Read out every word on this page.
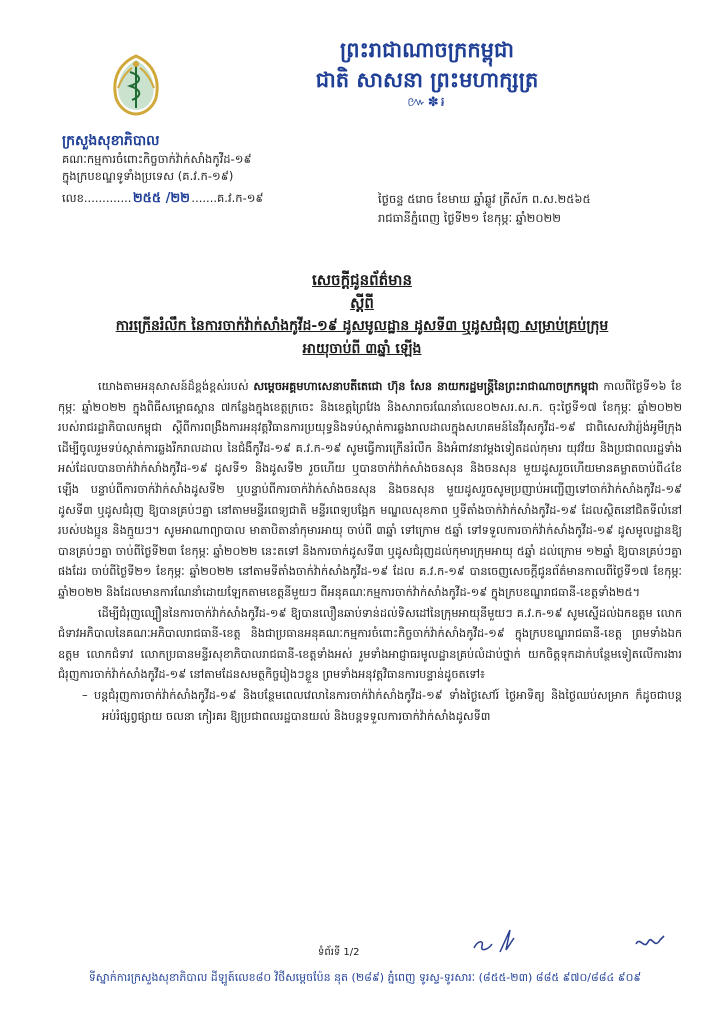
ព្រះរាជាណាចក្រកម្ពុជា
ជាតិ សាសនា ព្រះមហាក្សត្រ
៚✽៛
ក្រសួងសុខាភិបាល
គណៈកម្មការចំពោះកិច្ចចាក់វ៉ាក់សាំងកូវីដ-១៩
ក្នុងក្របខណ្ឌទូទាំងប្រទេស (គ.វ.ក-១៩)
លេខ.............២៥៥ /២២.......គ.វ.ក-១៩	ថ្ងៃចន្ទ ៥រោច ខែមាឃ ឆ្នាំឆ្លូវ ត្រីស័ក ព.ស.២៥៦៥
រាជធានីភ្នំពេញ ថ្ងៃទី២១ ខែកុម្ភៈ ឆ្នាំ២០២២
សេចក្ដីជូនព័ត៌មាន
ស្ដីពី
ការក្រើនរំលឹក នៃការចាក់វ៉ាក់សាំងកូវីដ-១៩ ដូសមូលដ្ឋាន ដូសទី៣ ឬដូសជំរុញ សម្រាប់គ្រប់ក្រុម
អាយុចាប់ពី ៣ឆ្នាំ ឡើង

យោងតាមអនុសាសន៍ដ៏ខ្ពង់ខ្ពស់របស់ សម្ដេចអគ្គមហាសេនាបតីតេជោ ហ៊ុន សែន នាយករដ្ឋមន្ត្រីនៃព្រះរាជាណាចក្រកម្ពុជា កាលពីថ្ងៃទី១៦ ខែកុម្ភៈ ឆ្នាំ២០២២ ក្នុងពិធីសម្ពោធស្ពាន ៧កន្លែងក្នុងខេត្តក្រចេះ និងខេត្តព្រៃវែង និងសារាចរណែនាំលេខ០២សរ.ស.ក. ចុះថ្ងៃទី១៧ ខែកុម្ភៈ ឆ្នាំ២០២២ របស់រាជរដ្ឋាភិបាលកម្ពុជា ស្ដីពីការពង្រឹងការអនុវត្តវិធានការប្រយុទ្ធនិងទប់ស្កាត់ការឆ្លងរាលដាលក្នុងសហគមន៍នៃវីរុសកូវីដ-១៩ ជាពិសេសវ៉ារ្យ៉ង់អូមីក្រុង ដើម្បីចូលរួមទប់ស្កាត់ការឆ្លងរីករាលដាល នៃជំងឺកូវីដ-១៩ គ.វ.ក-១៩ សូមធ្វើការក្រើនរំលឹក និងអំពាវនាវម្ដងទៀតដល់កុមារ យុវវ័យ និងប្រជាពលរដ្ឋទាំងអស់ដែលបានចាក់វ៉ាក់សាំងកូវីដ-១៩ ដូសទី១ និងដូសទី២ រួចហើយ ឬបានចាក់វ៉ាក់សាំងចនសុន និងចនសុន មួយដូសរួចហើយមានគម្លាតចាប់ពី៤ខែឡើង បន្ទាប់ពីការចាក់វ៉ាក់សាំងដូសទី២ ឬបន្ទាប់ពីការចាក់វ៉ាក់សាំងចនសុន និងចនសុន មួយដូសរួចសូមប្រញាប់អញ្ជើញទៅចាក់វ៉ាក់សាំងកូវីដ-១៩ ដូសទី៣ ឬដូសជំរុញ ឱ្យបានគ្រប់ៗគ្នា នៅតាមមន្ទីរពេទ្យជាតិ មន្ទីរពេទ្យបង្អែក មណ្ឌលសុខភាព ឬទីតាំងចាក់វ៉ាក់សាំងកូវីដ-១៩ ដែលស្ថិតនៅជិតទីលំនៅរបស់បងប្អូន និងក្មួយៗ។ សូមអាណាព្យាបាល មាតាបិតានាំកុមារអាយុ ចាប់ពី ៣ឆ្នាំ ទៅក្រោម ៥ឆ្នាំ ទៅទទួលការចាក់វ៉ាក់សាំងកូវីដ-១៩ ដូសមូលដ្ឋានឱ្យបានគ្រប់ៗគ្នា ចាប់ពីថ្ងៃទី២៣ ខែកុម្ភៈ ឆ្នាំ២០២២ នេះតទៅ និងការចាក់ដូសទី៣ ឬដូសជំរុញដល់កុមារក្រុមអាយុ ៥ឆ្នាំ ដល់ក្រោម ១២ឆ្នាំ ឱ្យបានគ្រប់ៗគ្នា ផងដែរ ចាប់ពីថ្ងៃទី២១ ខែកុម្ភៈ ឆ្នាំ២០២២ នៅតាមទីតាំងចាក់វ៉ាក់សាំងកូវីដ-១៩ ដែល គ.វ.ក-១៩ បានចេញសេចក្ដីជូនព័ត៌មានកាលពីថ្ងៃទី១៧ ខែកុម្ភៈ ឆ្នាំ២០២២ និងដែលមានការណែនាំដោយឡែកតាមខេត្តនីមួយៗ ពីអនុគណៈកម្មការចាក់វ៉ាក់សាំងកូវីដ-១៩ ក្នុងក្របខណ្ឌរាជធានី-ខេត្តទាំង២៥។

ដើម្បីជំរុញល្បឿននៃការចាក់វ៉ាក់សាំងកូវីដ-១៩ ឱ្យបានលឿនឆាប់ទាន់ដល់ទិសដៅនៃក្រុមអាយុនីមួយៗ គ.វ.ក-១៩ សូមស្នើដល់ឯកឧត្តម លោកជំទាវអភិបាលនៃគណៈអភិបាលរាជធានី-ខេត្ត និងជាប្រធានអនុគណៈកម្មការចំពោះកិច្ចចាក់វ៉ាក់សាំងកូវីដ-១៩ ក្នុងក្របខណ្ឌរាជធានី-ខេត្ត ព្រមទាំងឯកឧត្តម លោកជំទាវ លោកប្រធានមន្ទីរសុខាភិបាលរាជធានី-ខេត្តទាំងអស់ រួមទាំងអាជ្ញាធរមូលដ្ឋានគ្រប់លំដាប់ថ្នាក់ យកចិត្តទុកដាក់បន្ថែមទៀតលើការងារជំរុញការចាក់វ៉ាក់សាំងកូវីដ-១៩ នៅតាមដែនសមត្ថកិច្ចរៀងៗខ្លួន ព្រមទាំងអនុវត្តវិធានការបន្ទាន់ដូចតទៅ៖

– បន្តជំរុញការចាក់វ៉ាក់សាំងកូវីដ-១៩ និងបន្ថែមពេលវេលានៃការចាក់វ៉ាក់សាំងកូវីដ-១៩ ទាំងថ្ងៃសៅរ៍ ថ្ងៃអាទិត្យ និងថ្ងៃឈប់សម្រាក ក៏ដូចជាបន្តអប់រំផ្សព្វផ្សាយ ចលនា កៀរគរ ឱ្យប្រជាពលរដ្ឋបានយល់ និងបន្តទទួលការចាក់វ៉ាក់សាំងដូសទី៣

ទំព័រទី 1/2
ទីស្នាក់ការក្រសួងសុខាភិបាល ដីឡូត៍លេខ៨០ វិថីសម្ដេចប៉ែន នុត (២៨៩) ភ្នំពេញ ទូរស្ទ-ទូរសារៈ (៨៥៥-២៣) ៨៨៥ ៩៧០/៨៨៤ ៩០៩
